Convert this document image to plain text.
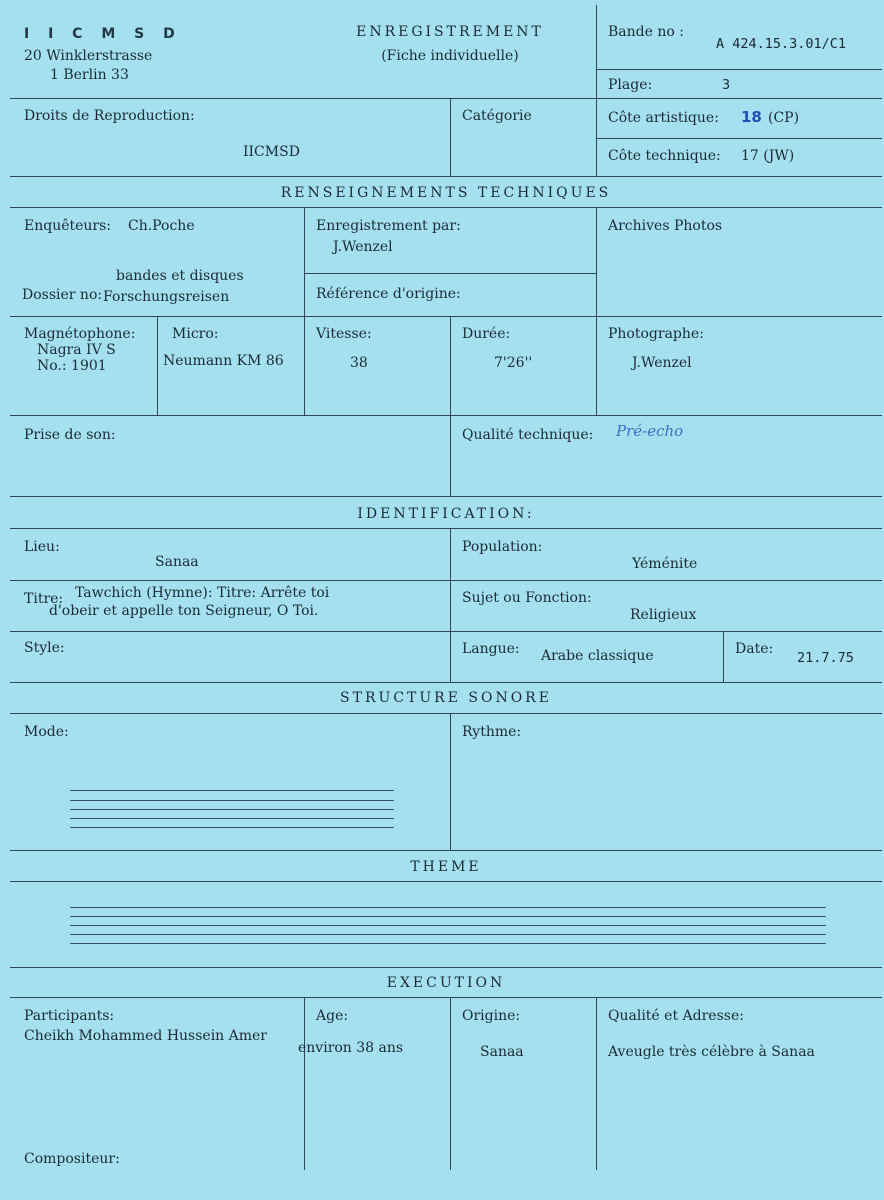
I I C M S D
20 Winklerstrasse
1 Berlin 33
ENREGISTREMENT
(Fiche individuelle)
Bande no :
A 424.15.3.01/C1
Plage:	3
Droits de Reproduction:
IICMSD
Catégorie	Côte artistique: 18 (CP)
Côte technique: 17 (JW)
RENSEIGNEMENTS TECHNIQUES
Enquêteurs: Ch.Poche
bandes et disques
Dossier no: Forschungsreisen
Enregistrement par:
J.Wenzel
Référence d'origine:
Archives Photos
Magnétophone:
Nagra IV S
No.: 1901
Micro:
Neumann KM 86
Vitesse:
38
Durée:
7'26''
Photographe:
J.Wenzel
Prise de son:	Qualité technique: Pré-echo
IDENTIFICATION:
Lieu:
Sanaa
Population:
Yéménite
Titre: Tawchich (Hymne): Titre: Arrête toi
d'obeir et appelle ton Seigneur, O Toi.
Sujet ou Fonction:
Religieux
Style:	Langue: Arabe classique	Date:
21.7.75
STRUCTURE SONORE
Mode:	Rythme:
THEME
EXECUTION
Participants:
Cheikh Mohammed Hussein Amer
Age:
environ 38 ans
Origine:
Sanaa
Qualité et Adresse:
Aveugle très célèbre à Sanaa
Compositeur:
